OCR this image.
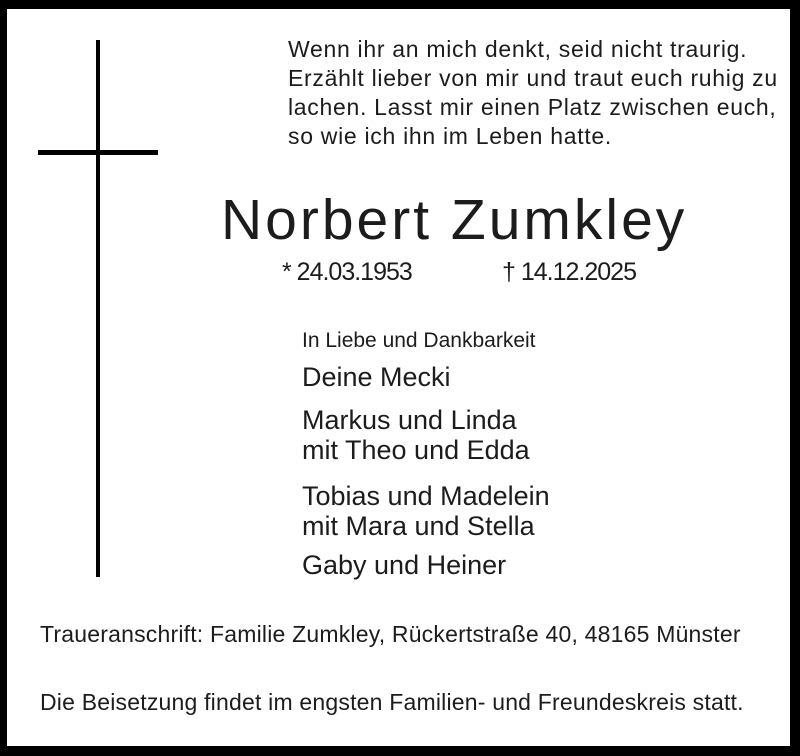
Wenn ihr an mich denkt, seid nicht traurig.
Erzählt lieber von mir und traut euch ruhig zu
lachen. Lasst mir einen Platz zwischen euch,
so wie ich ihn im Leben hatte.
Norbert Zumkley
* 24.03.1953	† 14.12.2025
In Liebe und Dankbarkeit
Deine Mecki
Markus und Linda
mit Theo und Edda
Tobias und Madelein
mit Mara und Stella
Gaby und Heiner
Traueranschrift: Familie Zumkley, Rückertstraße 40, 48165 Münster
Die Beisetzung findet im engsten Familien- und Freundeskreis statt.
